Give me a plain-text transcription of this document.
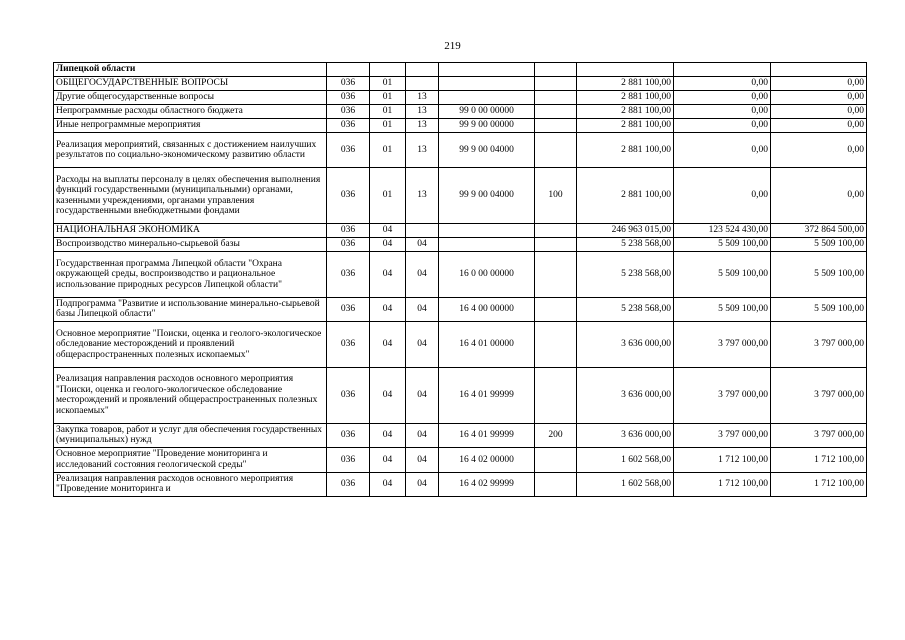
219
Липецкой области								
ОБЩЕГОСУДАРСТВЕННЫЕ ВОПРОСЫ	036	01				2 881 100,00	0,00	0,00
Другие общегосударственные вопросы	036	01	13			2 881 100,00	0,00	0,00
Непрограммные расходы областного бюджета	036	01	13	99 0 00 00000		2 881 100,00	0,00	0,00
Иные непрограммные мероприятия	036	01	13	99 9 00 00000		2 881 100,00	0,00	0,00
Реализация мероприятий, связанных с достижением наилучших результатов по социально-экономическому развитию области	036	01	13	99 9 00 04000		2 881 100,00	0,00	0,00
Расходы на выплаты персоналу в целях обеспечения выполнения функций государственными (муниципальными) органами, казенными учреждениями, органами управления государственными внебюджетными фондами	036	01	13	99 9 00 04000	100	2 881 100,00	0,00	0,00
НАЦИОНАЛЬНАЯ ЭКОНОМИКА	036	04				246 963 015,00	123 524 430,00	372 864 500,00
Воспроизводство минерально-сырьевой базы	036	04	04			5 238 568,00	5 509 100,00	5 509 100,00
Государственная программа Липецкой области "Охрана окружающей среды, воспроизводство и рациональное использование природных ресурсов Липецкой области"	036	04	04	16 0 00 00000		5 238 568,00	5 509 100,00	5 509 100,00
Подпрограмма "Развитие и использование минерально-сырьевой базы Липецкой области"	036	04	04	16 4 00 00000		5 238 568,00	5 509 100,00	5 509 100,00
Основное мероприятие "Поиски, оценка и геолого-экологическое обследование месторождений и проявлений общераспространенных полезных ископаемых"	036	04	04	16 4 01 00000		3 636 000,00	3 797 000,00	3 797 000,00
Реализация направления расходов основного мероприятия "Поиски, оценка и геолого-экологическое обследование месторождений и проявлений общераспространенных полезных ископаемых"	036	04	04	16 4 01 99999		3 636 000,00	3 797 000,00	3 797 000,00
Закупка товаров, работ и услуг для обеспечения государственных (муниципальных) нужд	036	04	04	16 4 01 99999	200	3 636 000,00	3 797 000,00	3 797 000,00
Основное мероприятие "Проведение мониторинга и исследований состояния геологической среды"	036	04	04	16 4 02 00000		1 602 568,00	1 712 100,00	1 712 100,00
Реализация направления расходов основного мероприятия "Проведение мониторинга и	036	04	04	16 4 02 99999		1 602 568,00	1 712 100,00	1 712 100,00
